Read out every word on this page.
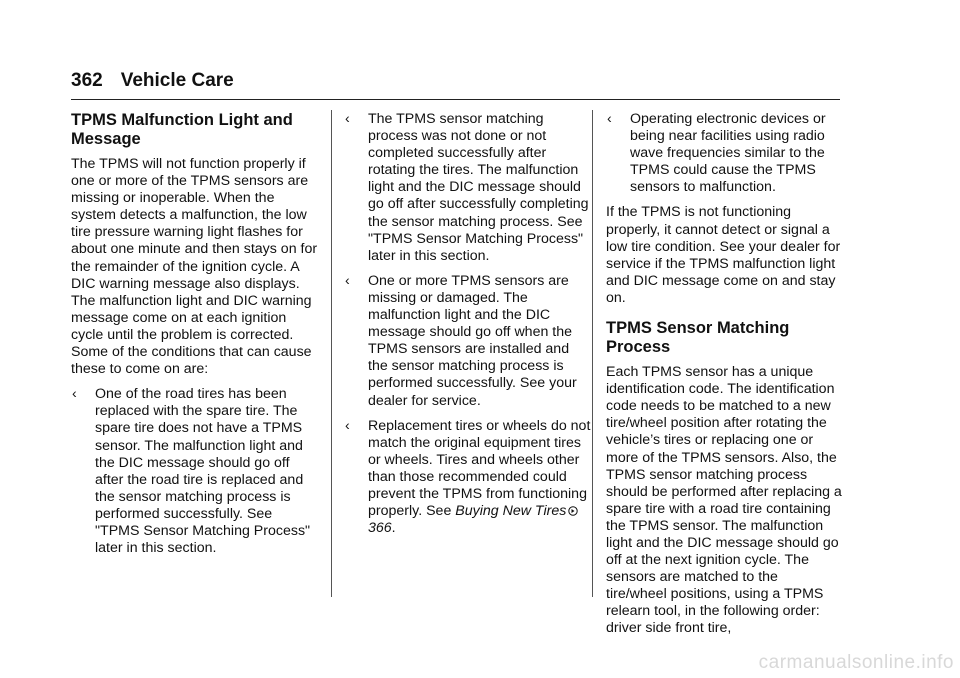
362 Vehicle Care
TPMS Malfunction Light and Message

The TPMS will not function properly if one or more of the TPMS sensors are missing or inoperable. When the system detects a malfunction, the low tire pressure warning light flashes for about one minute and then stays on for the remainder of the ignition cycle. A DIC warning message also displays. The malfunction light and DIC warning message come on at each ignition cycle until the problem is corrected. Some of the conditions that can cause these to come on are:

‹ One of the road tires has been replaced with the spare tire. The spare tire does not have a TPMS sensor. The malfunction light and the DIC message should go off after the road tire is replaced and the sensor matching process is performed successfully. See "TPMS Sensor Matching Process" later in this section.
‹ The TPMS sensor matching process was not done or not completed successfully after rotating the tires. The malfunction light and the DIC message should go off after successfully completing the sensor matching process. See "TPMS Sensor Matching Process" later in this section.
‹ One or more TPMS sensors are missing or damaged. The malfunction light and the DIC message should go off when the TPMS sensors are installed and the sensor matching process is performed successfully. See your dealer for service.
‹ Replacement tires or wheels do not match the original equipment tires or wheels. Tires and wheels other than those recommended could prevent the TPMS from functioning properly. See Buying New Tires366.
‹ Operating electronic devices or being near facilities using radio wave frequencies similar to the TPMS could cause the TPMS sensors to malfunction.

If the TPMS is not functioning properly, it cannot detect or signal a low tire condition. See your dealer for service if the TPMS malfunction light and DIC message come on and stay on.

TPMS Sensor Matching Process

Each TPMS sensor has a unique identification code. The identification code needs to be matched to a new tire/wheel position after rotating the vehicle’s tires or replacing one or more of the TPMS sensors. Also, the TPMS sensor matching process should be performed after replacing a spare tire with a road tire containing the TPMS sensor. The malfunction light and the DIC message should go off at the next ignition cycle. The sensors are matched to the tire/wheel positions, using a TPMS relearn tool, in the following order: driver side front tire,

carmanualsonline.info
